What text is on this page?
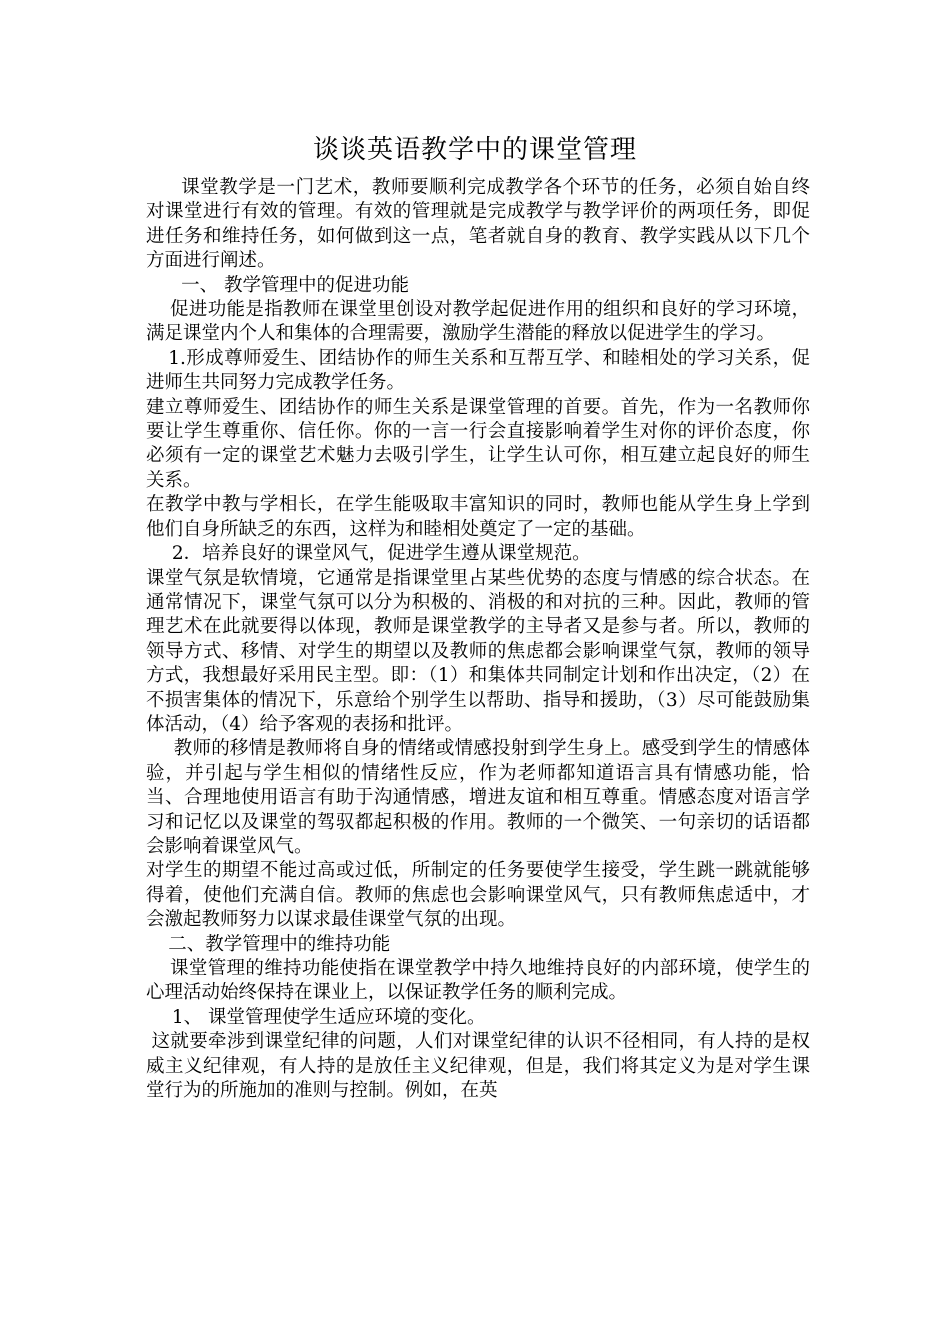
谈谈英语教学中的课堂管理

课堂教学是一门艺术，教师要顺利完成教学各个环节的任务，必须自始自终对课堂进行有效的管理。有效的管理就是完成教学与教学评价的两项任务，即促进任务和维持任务，如何做到这一点，笔者就自身的教育、教学实践从以下几个方面进行阐述。

一、 教学管理中的促进功能

促进功能是指教师在课堂里创设对教学起促进作用的组织和良好的学习环境，满足课堂内个人和集体的合理需要，激励学生潜能的释放以促进学生的学习。

1.形成尊师爱生、团结协作的师生关系和互帮互学、和睦相处的学习关系，促进师生共同努力完成教学任务。

建立尊师爱生、团结协作的师生关系是课堂管理的首要。首先，作为一名教师你要让学生尊重你、信任你。你的一言一行会直接影响着学生对你的评价态度，你必须有一定的课堂艺术魅力去吸引学生，让学生认可你，相互建立起良好的师生关系。

在教学中教与学相长，在学生能吸取丰富知识的同时，教师也能从学生身上学到他们自身所缺乏的东西，这样为和睦相处奠定了一定的基础。

2．培养良好的课堂风气，促进学生遵从课堂规范。

课堂气氛是软情境，它通常是指课堂里占某些优势的态度与情感的综合状态。在通常情况下，课堂气氛可以分为积极的、消极的和对抗的三种。因此，教师的管理艺术在此就要得以体现，教师是课堂教学的主导者又是参与者。所以，教师的领导方式、移情、对学生的期望以及教师的焦虑都会影响课堂气氛，教师的领导方式，我想最好采用民主型。即：（1）和集体共同制定计划和作出决定，（2）在不损害集体的情况下，乐意给个别学生以帮助、指导和援助，（3）尽可能鼓励集体活动，（4）给予客观的表扬和批评。

教师的移情是教师将自身的情绪或情感投射到学生身上。感受到学生的情感体验，并引起与学生相似的情绪性反应，作为老师都知道语言具有情感功能，恰当、合理地使用语言有助于沟通情感，增进友谊和相互尊重。情感态度对语言学习和记忆以及课堂的驾驭都起积极的作用。教师的一个微笑、一句亲切的话语都会影响着课堂风气。

对学生的期望不能过高或过低，所制定的任务要使学生接受，学生跳一跳就能够得着，使他们充满自信。教师的焦虑也会影响课堂风气，只有教师焦虑适中，才会激起教师努力以谋求最佳课堂气氛的出现。

二、教学管理中的维持功能

课堂管理的维持功能使指在课堂教学中持久地维持良好的内部环境，使学生的心理活动始终保持在课业上，以保证教学任务的顺利完成。

1、 课堂管理使学生适应环境的变化。

这就要牵涉到课堂纪律的问题，人们对课堂纪律的认识不径相同，有人持的是权威主义纪律观，有人持的是放任主义纪律观，但是，我们将其定义为是对学生课堂行为的所施加的准则与控制。例如，在英
